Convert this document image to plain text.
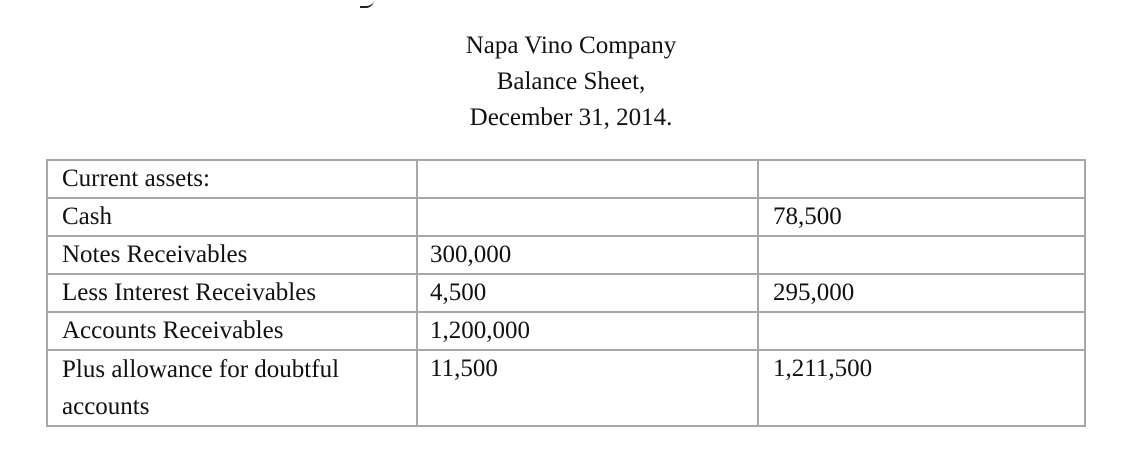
Napa Vino Company
Balance Sheet,
December 31, 2014.
Current assets:		
Cash		78,500
Notes Receivables	300,000	
Less Interest Receivables	4,500	295,000
Accounts Receivables	1,200,000	

Plus allowance for doubtful accounts	11,500	1,211,500
